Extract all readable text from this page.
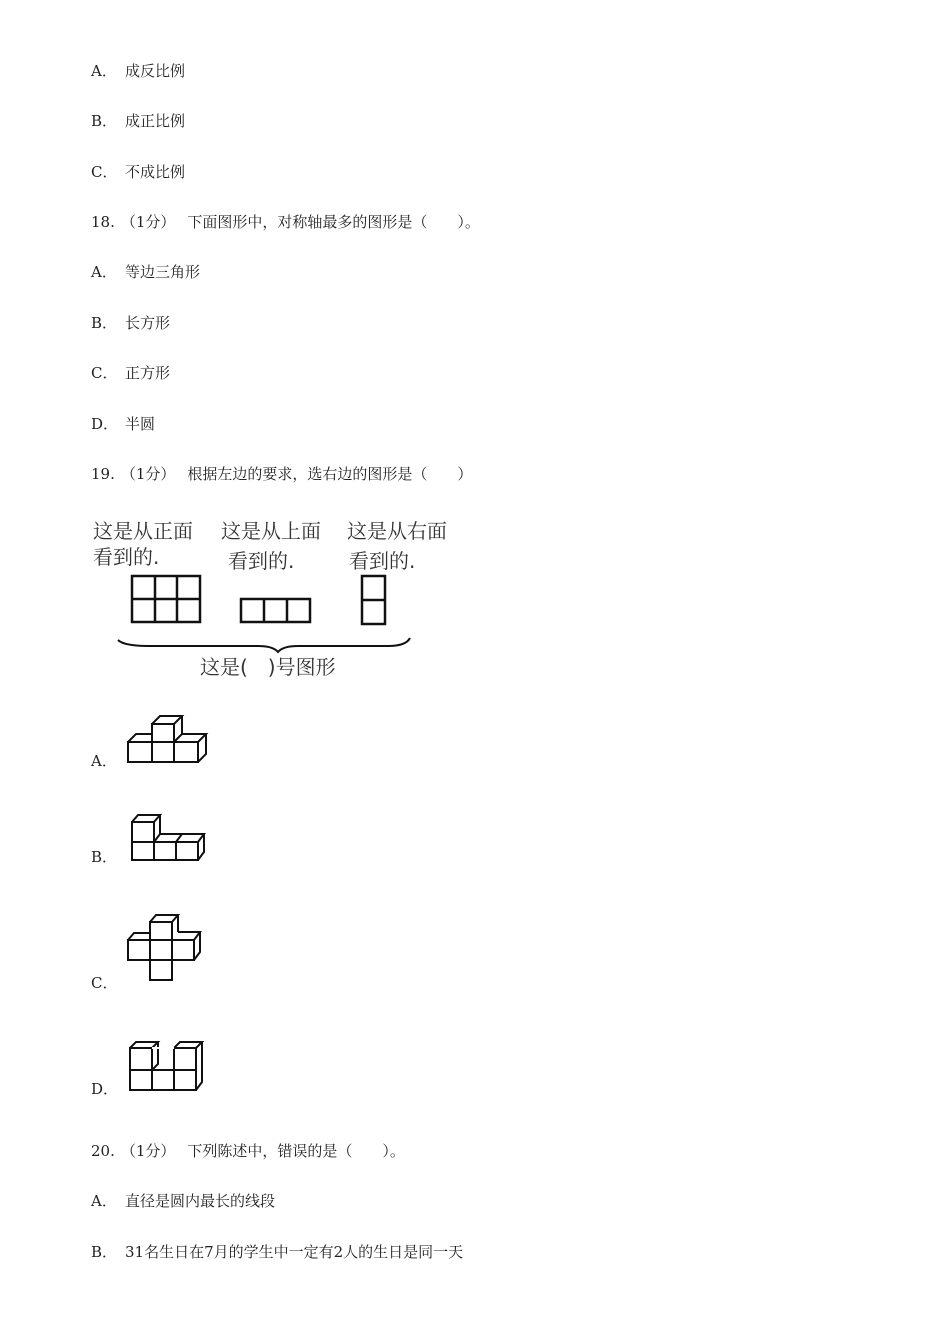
A． 成反比例
B． 成正比例
C． 不成比例
18. （1分） 下面图形中，对称轴最多的图形是（　　）。
A． 等边三角形
B． 长方形
C． 正方形
D． 半圆
19. （1分） 根据左边的要求，选右边的图形是（　　）
这是从正面
看到的.
这是从上面
看到的.
这是从右面
看到的.
这是(　)号图形
A．
B．
C．
D．
20. （1分） 下列陈述中，错误的是（　　）。
A． 直径是圆内最长的线段
B． 31名生日在7月的学生中一定有2人的生日是同一天
